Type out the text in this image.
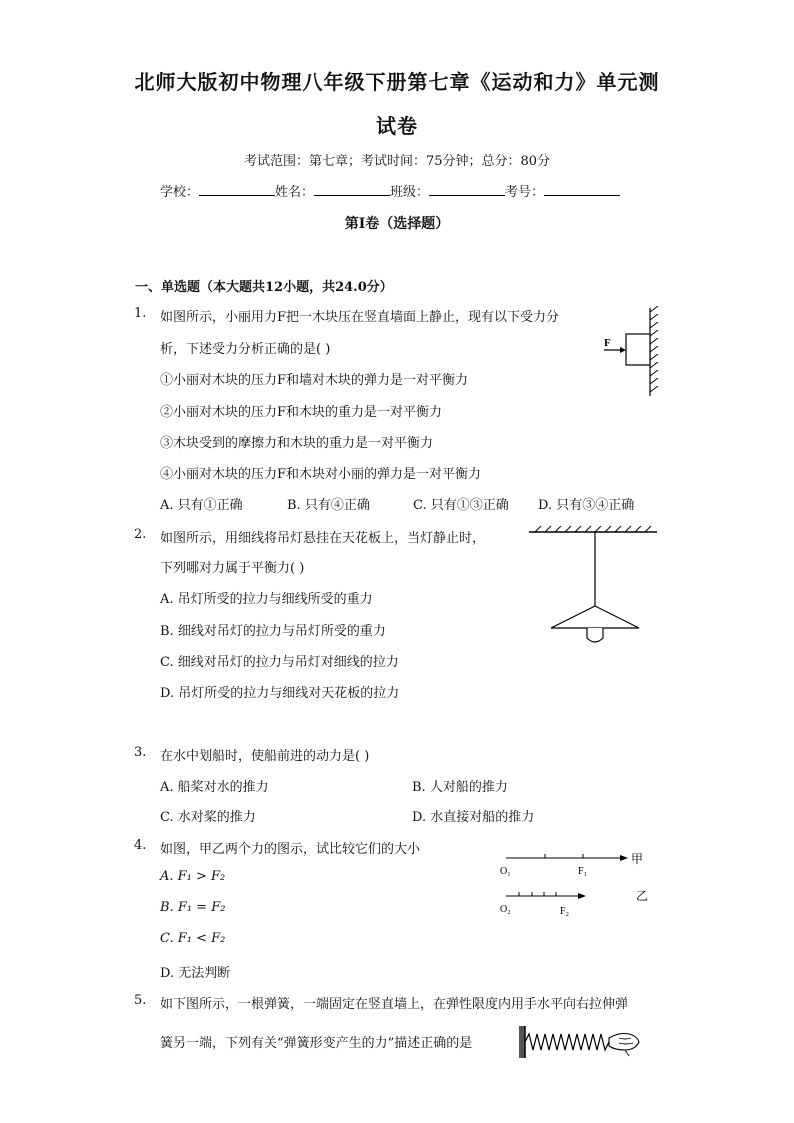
北师大版初中物理八年级下册第七章《运动和力》单元测
试卷
考试范围：第七章；考试时间：75分钟；总分：80分
学校：	姓名：	班级：	考号：
第I卷（选择题）
一、单选题（本大题共12小题，共24.0分）
1. 如图所示，小丽用力F把一木块压在竖直墙面上静止，现有以下受力分
析，下述受力分析正确的是( )
①小丽对木块的压力F和墙对木块的弹力是一对平衡力
②小丽对木块的压力F和木块的重力是一对平衡力
③木块受到的摩擦力和木块的重力是一对平衡力
④小丽对木块的压力F和木块对小丽的弹力是一对平衡力
A. 只有①正确	B. 只有④正确	C. 只有①③正确 D. 只有③④正确
F
2. 如图所示，用细线将吊灯悬挂在天花板上，当灯静止时，
下列哪对力属于平衡力( )
A. 吊灯所受的拉力与细线所受的重力
B. 细线对吊灯的拉力与吊灯所受的重力
C. 细线对吊灯的拉力与吊灯对细线的拉力
D. 吊灯所受的拉力与细线对天花板的拉力
3. 在水中划船时，使船前进的动力是( )
A. 船桨对水的推力	B. 人对船的推力
C. 水对桨的推力	D. 水直接对船的推力
4. 如图，甲乙两个力的图示，试比较它们的大小
A. F₁ > F₂
B. F₁ = F₂
C. F₁ < F₂
D. 无法判断
甲
O₁	F₁
乙
O₂	F₂
5. 如下图所示，一根弹簧，一端固定在竖直墙上，在弹性限度内用手水平向右拉伸弹
簧另一端，下列有关“弹簧形变产生的力”描述正确的是
